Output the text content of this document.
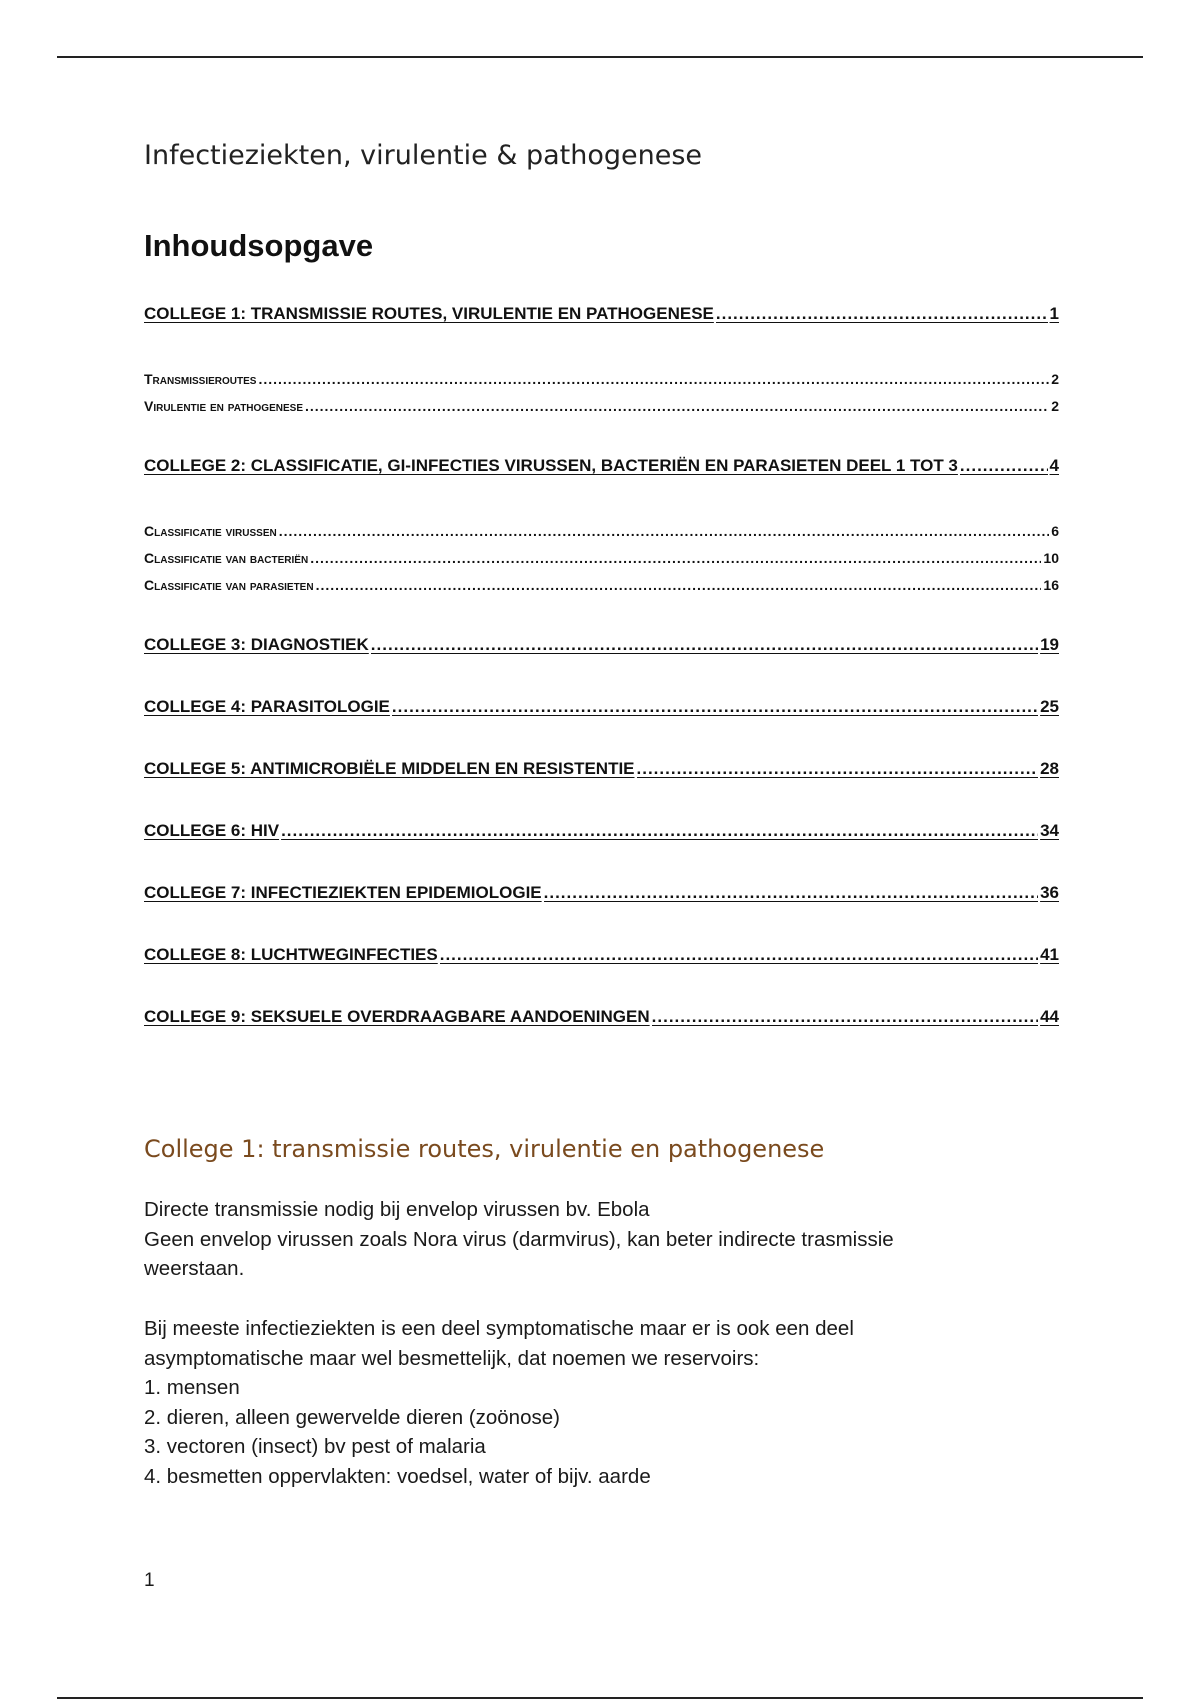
Infectieziekten, virulentie & pathogenese
Inhoudsopgave
COLLEGE 1: TRANSMISSIE ROUTES, VIRULENTIE EN PATHOGENESE .....	1
Transmissieroutes .....	2
Virulentie en pathogenese .....	2
COLLEGE 2: CLASSIFICATIE, GI-INFECTIES VIRUSSEN, BACTERIËN EN PARASIETEN DEEL 1 TOT 3 .....	4
Classificatie virussen .....	6
Classificatie van bacteriën .....	10
Classificatie van parasieten .....	16
COLLEGE 3: DIAGNOSTIEK .....	19
COLLEGE 4: PARASITOLOGIE .....	25
COLLEGE 5: ANTIMICROBIËLE MIDDELEN EN RESISTENTIE .....	28
COLLEGE 6: HIV .....	34
COLLEGE 7: INFECTIEZIEKTEN EPIDEMIOLOGIE .....	36
COLLEGE 8: LUCHTWEGINFECTIES .....	41
COLLEGE 9: SEKSUELE OVERDRAAGBARE AANDOENINGEN .....	44
College 1: transmissie routes, virulentie en pathogenese

Directe transmissie nodig bij envelop virussen bv. Ebola

Geen envelop virussen zoals Nora virus (darmvirus), kan beter indirecte trasmissie

weerstaan.

Bij meeste infectieziekten is een deel symptomatische maar er is ook een deel

asymptomatische maar wel besmettelijk, dat noemen we reservoirs:

1. mensen

2. dieren, alleen gewervelde dieren (zoönose)

3. vectoren (insect) bv pest of malaria

4. besmetten oppervlakten: voedsel, water of bijv. aarde

1
